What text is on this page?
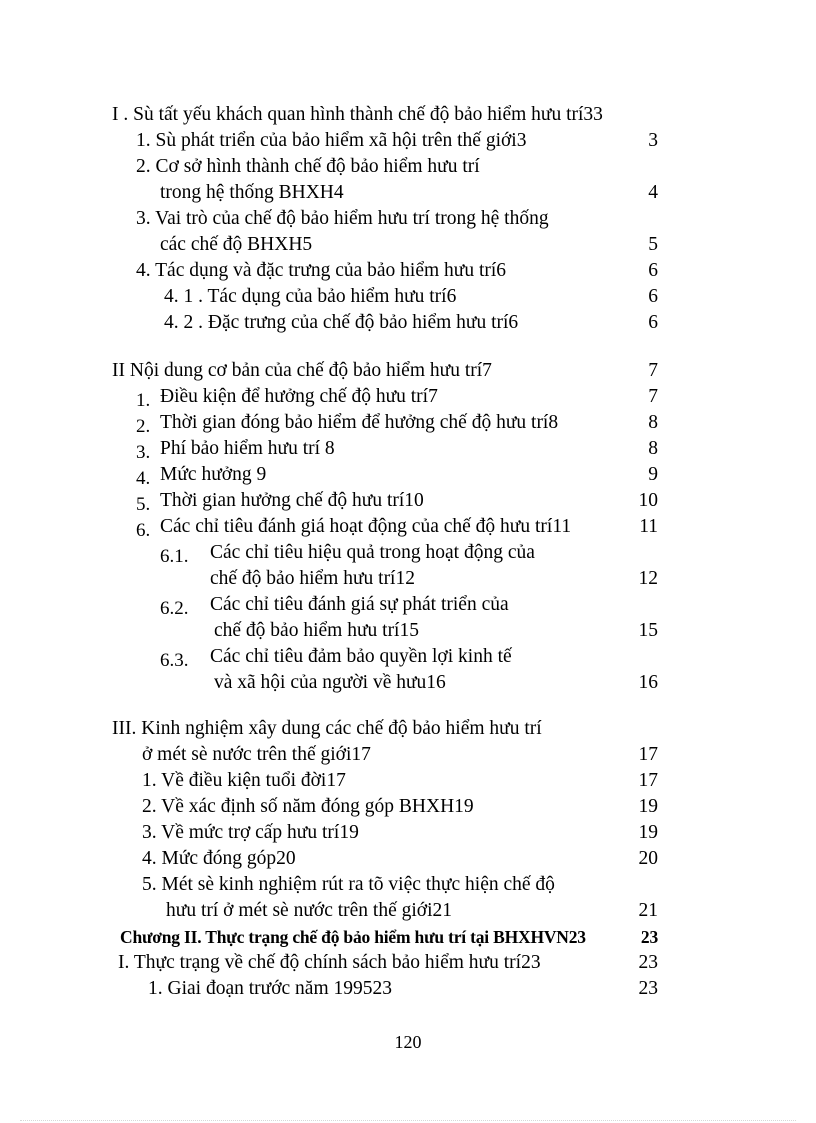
I . Sù tất yếu khách quan hình thành chế độ bảo hiểm hưu trí33
1. Sù phát triển của bảo hiểm xã hội trên thế giới3	3
2. Cơ sở hình thành chế độ bảo hiểm hưu trí
trong hệ thống BHXH4	4
3. Vai trò của chế độ bảo hiểm hưu trí trong hệ thống
các chế độ BHXH5	5
4. Tác dụng và đặc trưng của bảo hiểm hưu trí6	6
4. 1 . Tác dụng của bảo hiểm hưu trí6	6
4. 2 . Đặc trưng của chế độ bảo hiểm hưu trí6	6
II Nội dung cơ bản của chế độ bảo hiểm hưu trí7	7
1. Điều kiện để hưởng chế độ hưu trí7	7
2. Thời gian đóng bảo hiểm để hưởng chế độ hưu trí8	8
3. Phí bảo hiểm hưu trí 8	8
4. Mức hưởng 9	9
5. Thời gian hưởng chế độ hưu trí10	10
6. Các chỉ tiêu đánh giá hoạt động của chế độ hưu trí11	11
6.1. Các chỉ tiêu hiệu quả trong hoạt động của
chế độ bảo hiểm hưu trí12	12
6.2. Các chỉ tiêu đánh giá sự phát triển của
chế độ bảo hiểm hưu trí15	15
6.3. Các chỉ tiêu đảm bảo quyền lợi kinh tế
và xã hội của người về hưu16	16
III. Kinh nghiệm xây dung các chế độ bảo hiểm hưu trí
ở mét sè nước trên thế giới17	17
1. Về điều kiện tuổi đời17	17
2. Về xác định số năm đóng góp BHXH19	19
3. Về mức trợ cấp hưu trí19	19
4. Mức đóng góp20	20
5. Mét sè kinh nghiệm rút ra tõ việc thực hiện chế độ
hưu trí ở mét sè nước trên thế giới21	21
Chương II. Thực trạng chế độ bảo hiểm hưu trí tại BHXHVN23	23
I. Thực trạng về chế độ chính sách bảo hiểm hưu trí23	23
1. Giai đoạn trước năm 199523	23
120
